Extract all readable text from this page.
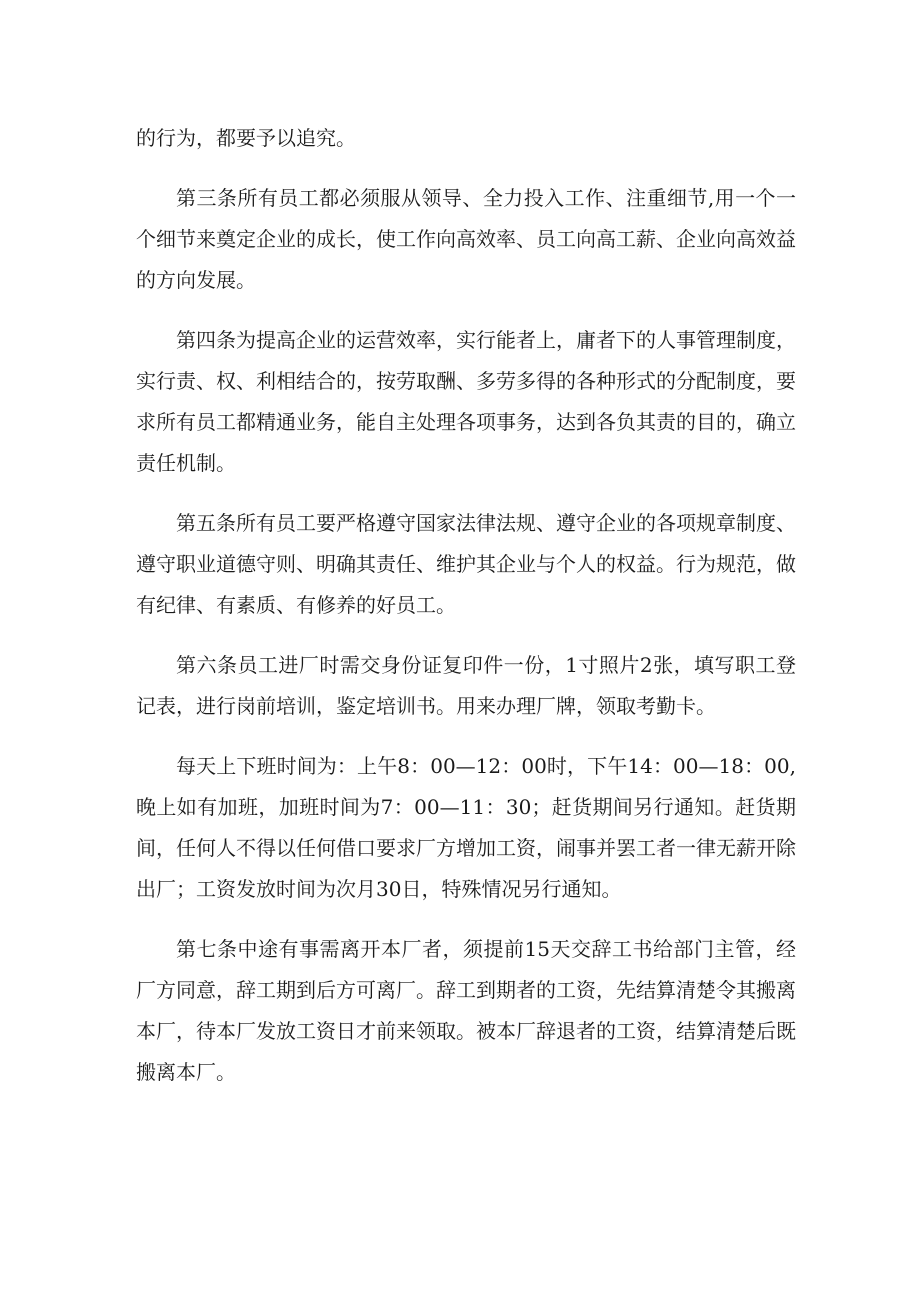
的行为，都要予以追究。

第三条所有员工都必须服从领导、全力投入工作、注重细节,用一个一个细节来奠定企业的成长，使工作向高效率、员工向高工薪、企业向高效益的方向发展。

第四条为提高企业的运营效率，实行能者上，庸者下的人事管理制度，实行责、权、利相结合的，按劳取酬、多劳多得的各种形式的分配制度，要求所有员工都精通业务，能自主处理各项事务，达到各负其责的目的，确立责任机制。

第五条所有员工要严格遵守国家法律法规、遵守企业的各项规章制度、遵守职业道德守则、明确其责任、维护其企业与个人的权益。行为规范，做有纪律、有素质、有修养的好员工。

第六条员工进厂时需交身份证复印件一份，1寸照片2张，填写职工登记表，进行岗前培训，鉴定培训书。用来办理厂牌，领取考勤卡。

每天上下班时间为：上午8：00—12：00时，下午14：00—18：00,晚上如有加班，加班时间为7：00—11：30；赶货期间另行通知。赶货期间，任何人不得以任何借口要求厂方增加工资，闹事并罢工者一律无薪开除出厂；工资发放时间为次月30日，特殊情况另行通知。

第七条中途有事需离开本厂者，须提前15天交辞工书给部门主管，经厂方同意，辞工期到后方可离厂。辞工到期者的工资，先结算清楚令其搬离本厂，待本厂发放工资日才前来领取。被本厂辞退者的工资，结算清楚后既搬离本厂。
